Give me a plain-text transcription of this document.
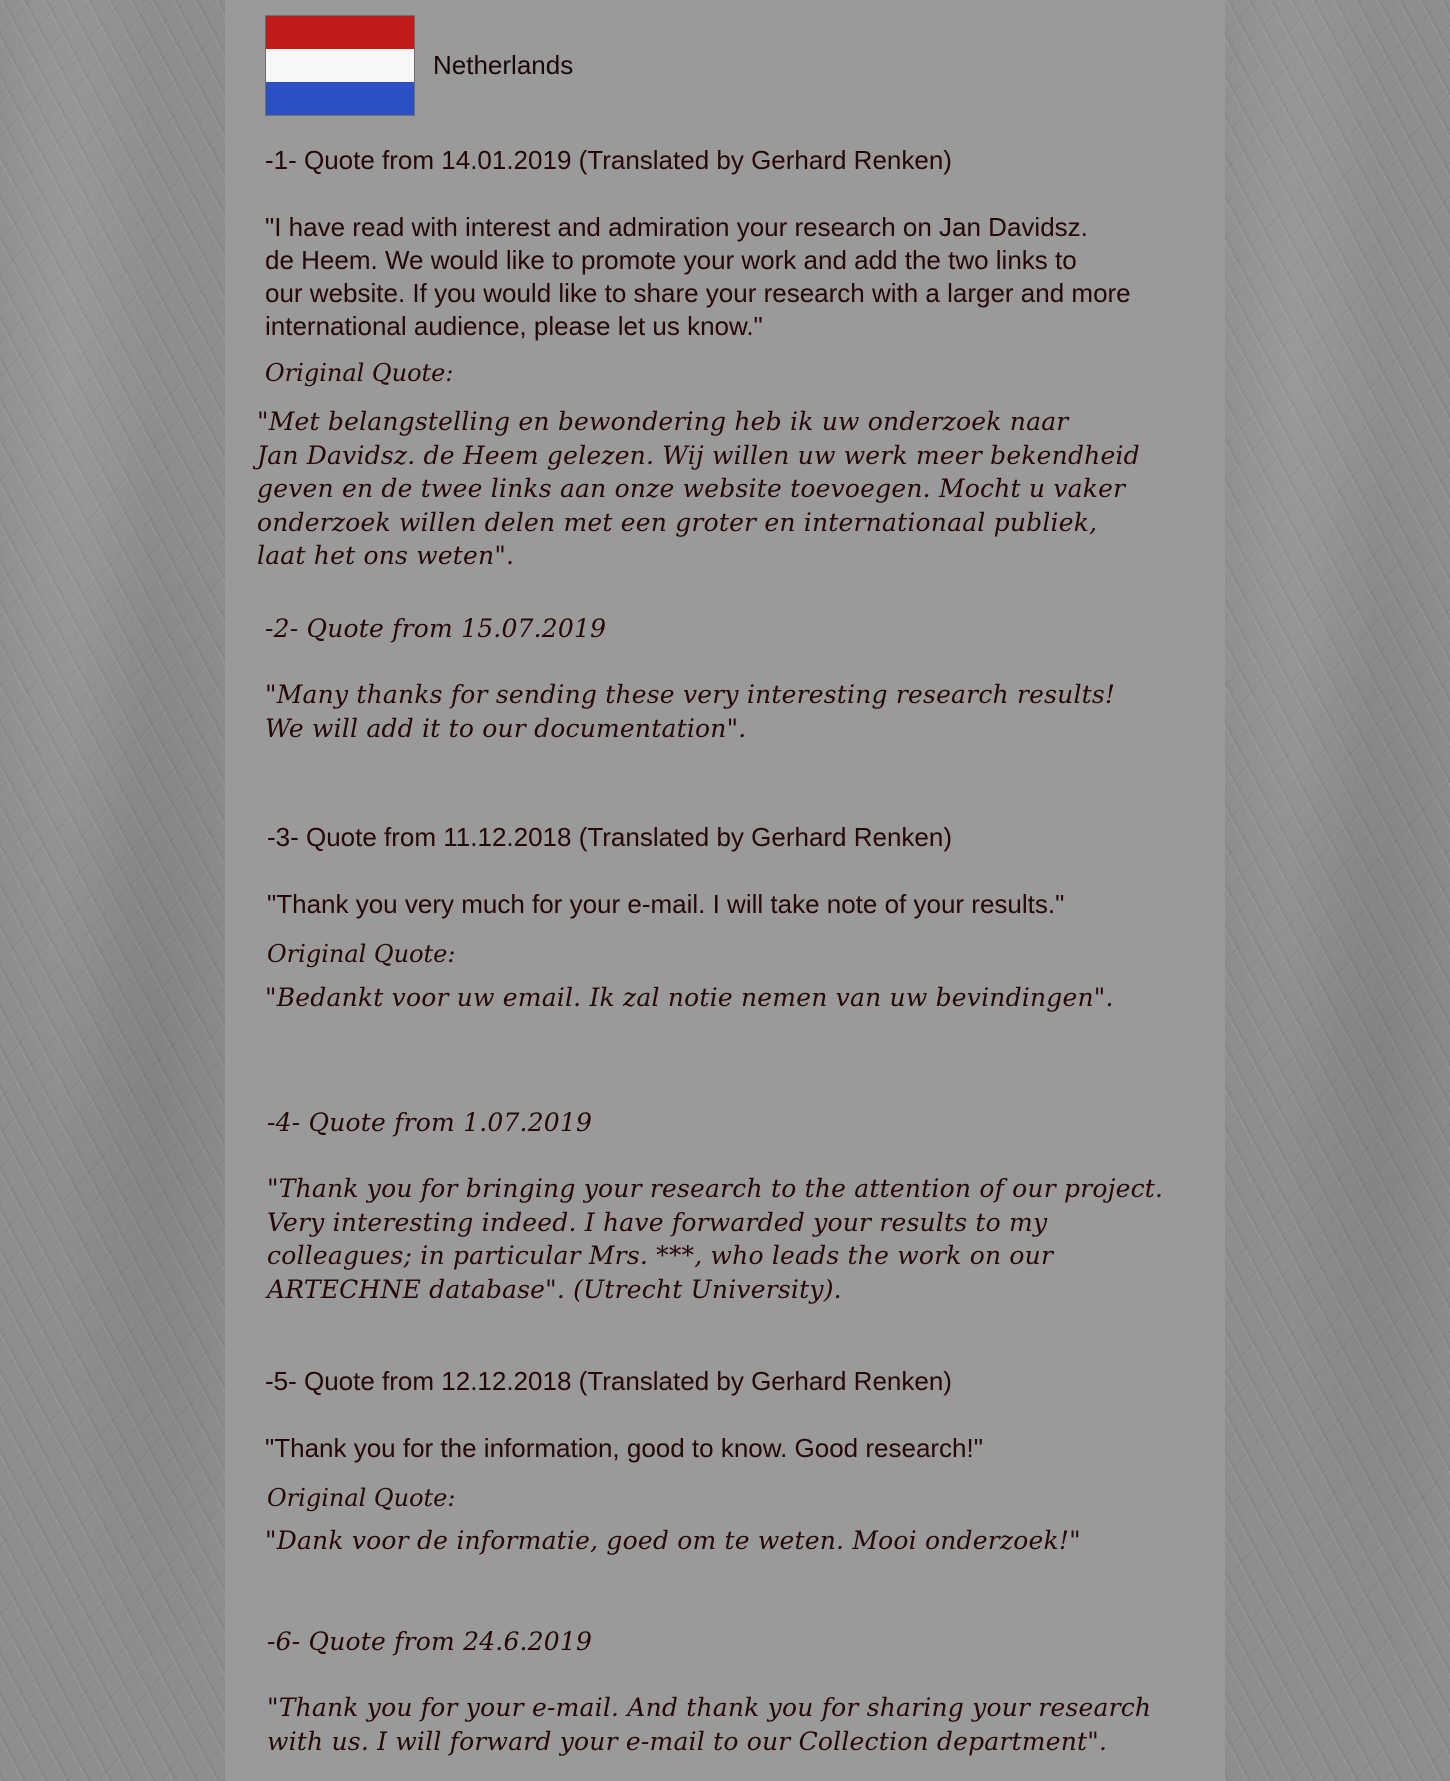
Netherlands

-1- Quote from 14.01.2019 (Translated by Gerhard Renken)

"I have read with interest and admiration your research on Jan Davidsz.
de Heem. We would like to promote your work and add the two links to
our website. If you would like to share your research with a larger and more
international audience, please let us know."

Original Quote:

"Met belangstelling en bewondering heb ik uw onderzoek naar
Jan Davidsz. de Heem gelezen. Wij willen uw werk meer bekendheid
geven en de twee links aan onze website toevoegen. Mocht u vaker
onderzoek willen delen met een groter en internationaal publiek,
laat het ons weten".

-2- Quote from 15.07.2019

"Many thanks for sending these very interesting research results!
We will add it to our documentation".

-3- Quote from 11.12.2018 (Translated by Gerhard Renken)

"Thank you very much for your e-mail. I will take note of your results."

Original Quote:

"Bedankt voor uw email. Ik zal notie nemen van uw bevindingen".

-4- Quote from 1.07.2019

"Thank you for bringing your research to the attention of our project.
Very interesting indeed. I have forwarded your results to my
colleagues; in particular Mrs. ***, who leads the work on our
ARTECHNE database". (Utrecht University).

-5- Quote from 12.12.2018 (Translated by Gerhard Renken)

"Thank you for the information, good to know. Good research!"

Original Quote:

"Dank voor de informatie, goed om te weten. Mooi onderzoek!"

-6- Quote from 24.6.2019

"Thank you for your e-mail. And thank you for sharing your research
with us. I will forward your e-mail to our Collection department".
